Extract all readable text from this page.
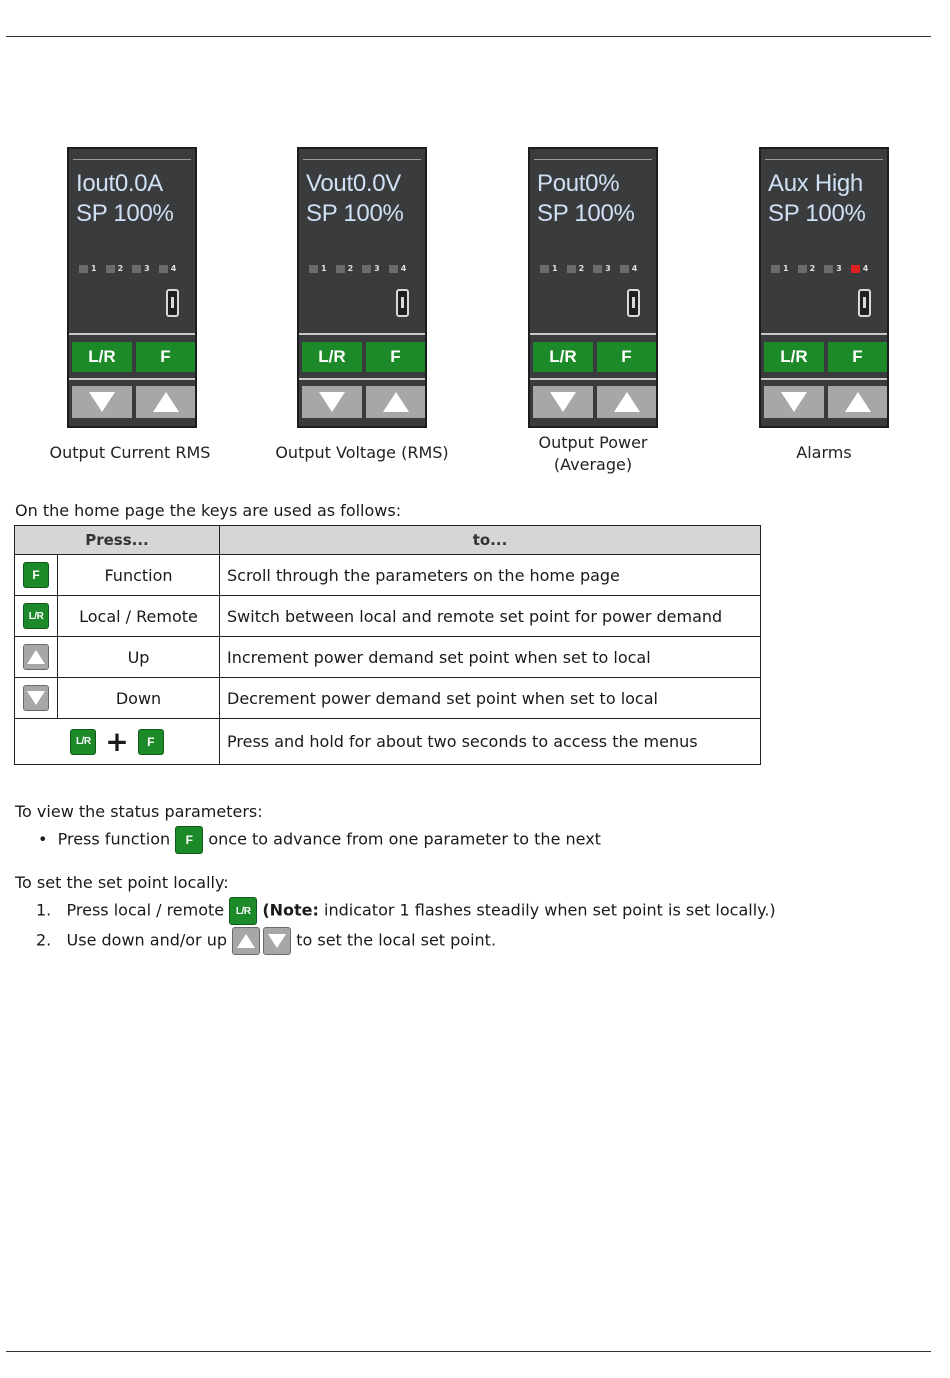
Iout0.0A
SP 100%
1	2	3	4
L/R	F
Vout0.0V
SP 100%
1	2	3	4
L/R	F
Pout0%
SP 100%
1	2	3	4
L/R	F
Aux High
SP 100%
1	2	3	4
L/R	F
Output Current RMS	Output Voltage (RMS)
Output Power (Average)
Alarms
On the home page the keys are used as follows:
Press...		to...
F	Function	Scroll through the parameters on the home page
L/R	Local / Remote	Switch between local and remote set point for power demand

	Up	Increment power demand set point when set to local

	Down	Decrement power demand set point when set to local
L/R + F		Press and hold for about two seconds to access the menus
To view the status parameters:
•  Press function F once to advance from one parameter to the next
To set the set point locally:
1. Press local / remote L/R (Note: indicator 1 flashes steadily when set point is set locally.)
2. Use down and/or up	to set the local set point.
